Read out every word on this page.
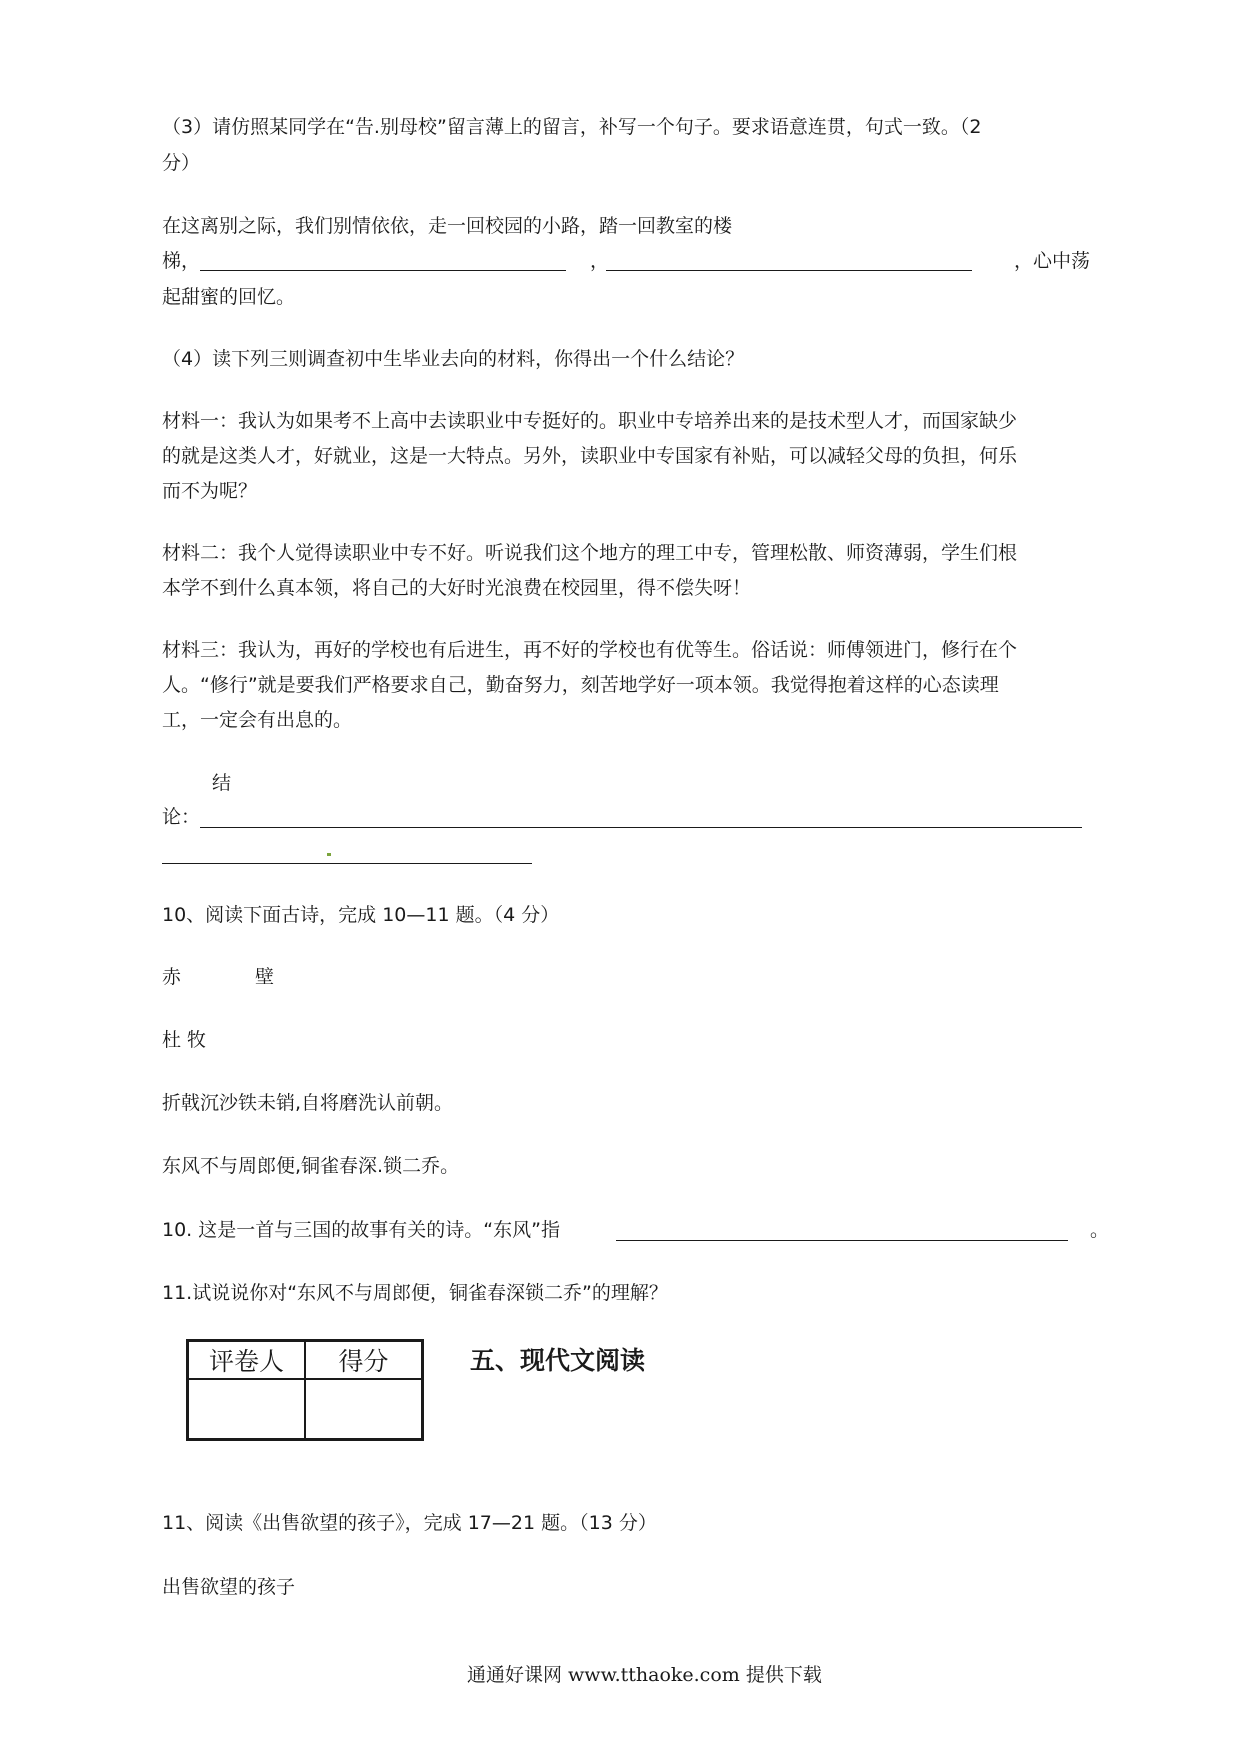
（3）请仿照某同学在“告.别母校”留言薄上的留言，补写一个句子。要求语意连贯，句式一致。（2
分）
在这离别之际，我们别情依依，走一回校园的小路，踏一回教室的楼
梯，	，	，心中荡
起甜蜜的回忆。
（4）读下列三则调查初中生毕业去向的材料，你得出一个什么结论？
材料一：我认为如果考不上高中去读职业中专挺好的。职业中专培养出来的是技术型人才，而国家缺少
的就是这类人才，好就业，这是一大特点。另外，读职业中专国家有补贴，可以减轻父母的负担，何乐
而不为呢？
材料二：我个人觉得读职业中专不好。听说我们这个地方的理工中专，管理松散、师资薄弱，学生们根
本学不到什么真本领，将自己的大好时光浪费在校园里，得不偿失呀！
材料三：我认为，再好的学校也有后进生，再不好的学校也有优等生。俗话说：师傅领进门，修行在个
人。“修行”就是要我们严格要求自己，勤奋努力，刻苦地学好一项本领。我觉得抱着这样的心态读理
工，一定会有出息的。
结
论：
10、阅读下面古诗，完成 10—11 题。（4 分）
赤	壁
杜 牧
折戟沉沙铁未销,自将磨洗认前朝。
东风不与周郎便,铜雀春深.锁二乔。
10. 这是一首与三国的故事有关的诗。“东风”指	。
11.试说说你对“东风不与周郎便，铜雀春深锁二乔”的理解？
评卷人	得分
		五、现代文阅读
11、阅读《出售欲望的孩子》，完成 17—21 题。（13 分）
出售欲望的孩子
通通好课网 www.tthaoke.com 提供下载
